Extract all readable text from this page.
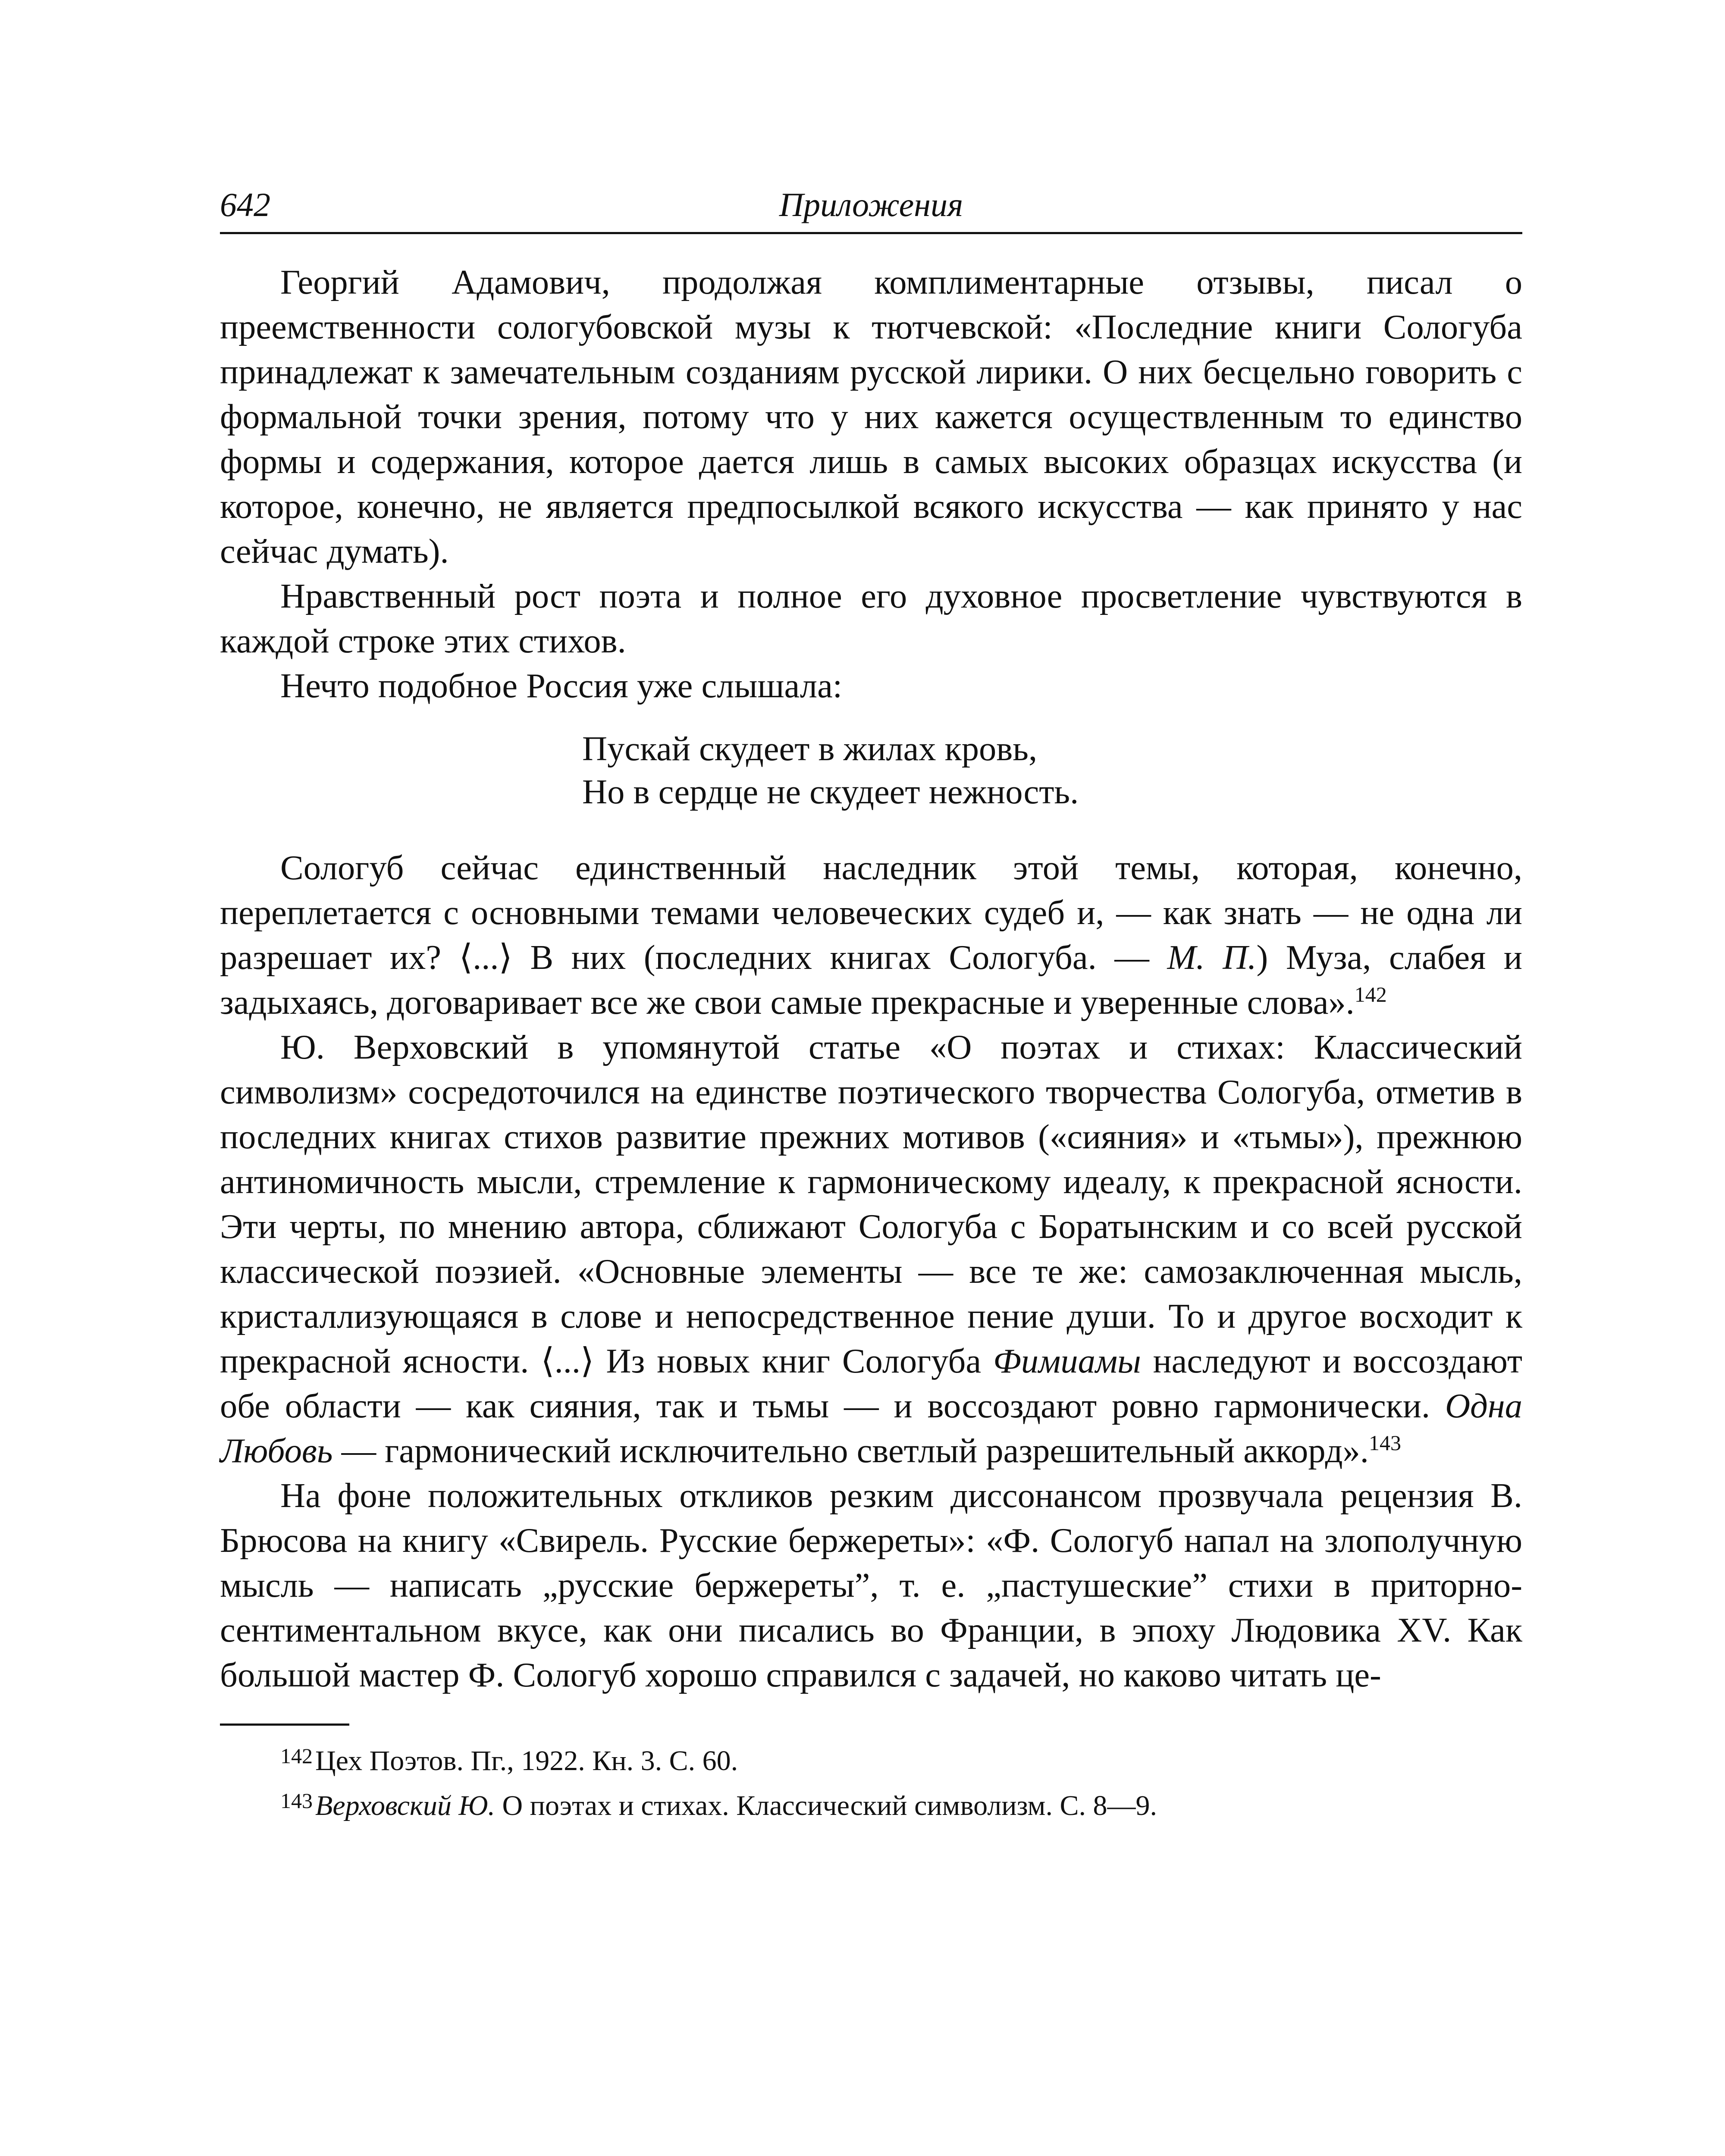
642	Приложения

Георгий Адамович, продолжая комплиментарные отзывы, писал о преемственности сологубовской музы к тютчевской: «Последние книги Сологуба принадлежат к замечательным созданиям русской лирики. О них бесцельно говорить с формальной точки зрения, потому что у них кажется осуществленным то единство формы и содержания, которое дается лишь в самых высоких образцах искусства (и которое, конечно, не является предпосылкой всякого искусства — как принято у нас сейчас думать).

Нравственный рост поэта и полное его духовное просветление чувствуются в каждой строке этих стихов.

Нечто подобное Россия уже слышала:

Пускай скудеет в жилах кровь,
Но в сердце не скудеет нежность.

Сологуб сейчас единственный наследник этой темы, которая, конечно, переплетается с основными темами человеческих судеб и, — как знать — не одна ли разрешает их? ⟨...⟩ В них (последних книгах Сологуба. — М. П.) Муза, слабея и задыхаясь, договаривает все же свои самые прекрасные и уверенные слова».$^{142}$

Ю. Верховский в упомянутой статье «О поэтах и стихах: Классический символизм» сосредоточился на единстве поэтического творчества Сологуба, отметив в последних книгах стихов развитие прежних мотивов («сияния» и «тьмы»), прежнюю антиномичность мысли, стремление к гармоническому идеалу, к прекрасной ясности. Эти черты, по мнению автора, сближают Сологуба с Боратынским и со всей русской классической поэзией. «Основные элементы — все те же: самозаключенная мысль, кристаллизующаяся в слове и непосредственное пение души. То и другое восходит к прекрасной ясности. ⟨...⟩ Из новых книг Сологуба Фимиамы наследуют и воссоздают обе области — как сияния, так и тьмы — и воссоздают ровно гармонически. Одна Любовь — гармонический исключительно светлый разрешительный аккорд».$^{143}$

На фоне положительных откликов резким диссонансом прозвучала рецензия В. Брюсова на книгу «Свирель. Русские бержереты»: «Ф. Сологуб напал на злополучную мысль — написать „русские бержереты”, т. е. „пастушеские” стихи в приторно-сентиментальном вкусе, как они писались во Франции, в эпоху Людовика XV. Как большой мастер Ф. Сологуб хорошо справился с задачей, но каково читать це-

$^{142}$Цех Поэтов. Пг., 1922. Кн. 3. С. 60.

$^{143}$Верховский Ю. О поэтах и стихах. Классический символизм. С. 8—9.
